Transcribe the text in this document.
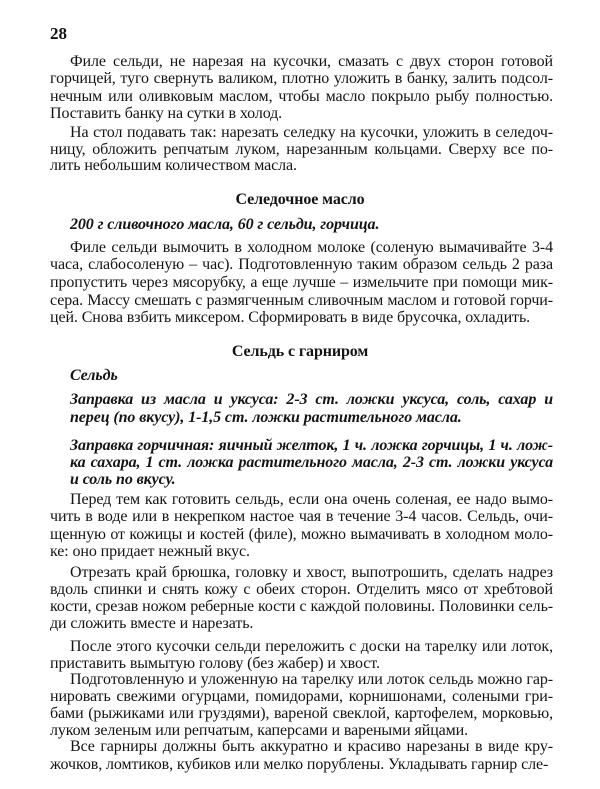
28
Филе сельди, не нарезая на кусочки, смазать с двух сторон готовой
горчицей, туго свернуть валиком, плотно уложить в банку, залить подсол-
нечным или оливковым маслом, чтобы масло покрыло рыбу полностью.
Поставить банку на сутки в холод.
На стол подавать так: нарезать селедку на кусочки, уложить в селедоч-
ницу, обложить репчатым луком, нарезанным кольцами. Сверху все по-
лить небольшим количеством масла.
Селедочное масло
200 г сливочного масла, 60 г сельди, горчица.
Филе сельди вымочить в холодном молоке (соленую вымачивайте 3-4
часа, слабосоленую – час). Подготовленную таким образом сельдь 2 раза
пропустить через мясорубку, а еще лучше – измельчите при помощи мик-
сера. Массу смешать с размягченным сливочным маслом и готовой горчи-
цей. Снова взбить миксером. Сформировать в виде брусочка, охладить.
Сельдь с гарниром
Сельдь
Заправка из масла и уксуса: 2-3 ст. ложки уксуса, соль, сахар и
перец (по вкусу), 1-1,5 ст. ложки растительного масла.
Заправка горчичная: яичный желток, 1 ч. ложка горчицы, 1 ч. лож-
ка сахара, 1 ст. ложка растительного масла, 2-3 ст. ложки уксуса
и соль по вкусу.
Перед тем как готовить сельдь, если она очень соленая, ее надо вымо-
чить в воде или в некрепком настое чая в течение 3-4 часов. Сельдь, очи-
щенную от кожицы и костей (филе), можно вымачивать в холодном моло-
ке: оно придает нежный вкус.
Отрезать край брюшка, головку и хвост, выпотрошить, сделать надрез
вдоль спинки и снять кожу с обеих сторон. Отделить мясо от хребтовой
кости, срезав ножом реберные кости с каждой половины. Половинки сель-
ди сложить вместе и нарезать.
После этого кусочки сельди переложить с доски на тарелку или лоток,
приставить вымытую голову (без жабер) и хвост.
Подготовленную и уложенную на тарелку или лоток сельдь можно гар-
нировать свежими огурцами, помидорами, корнишонами, солеными гри-
бами (рыжиками или груздями), вареной свеклой, картофелем, морковью,
луком зеленым или репчатым, каперсами и вареными яйцами.
Все гарниры должны быть аккуратно и красиво нарезаны в виде кру-
жочков, ломтиков, кубиков или мелко порублены. Укладывать гарнир сле-
